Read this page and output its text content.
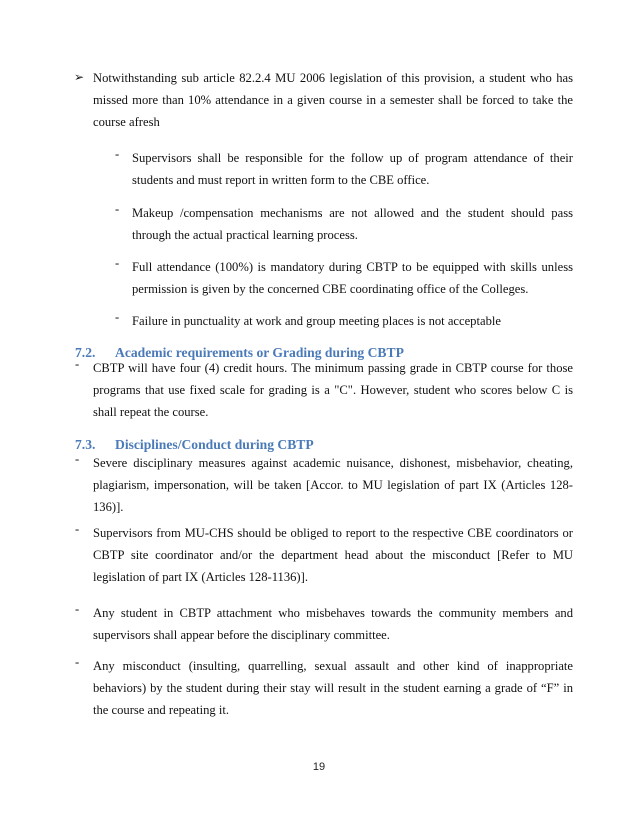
➢ Notwithstanding sub article 82.2.4 MU 2006 legislation of this provision, a student who has missed more than 10% attendance in a given course in a semester shall be forced to take the course afresh
- Supervisors shall be responsible for the follow up of program attendance of their students and must report in written form to the CBE office.
- Makeup /compensation mechanisms are not allowed and the student should pass through the actual practical learning process.
- Full attendance (100%) is mandatory during CBTP to be equipped with skills unless permission is given by the concerned CBE coordinating office of the Colleges.
- Failure in punctuality at work and group meeting places is not acceptable
7.2. Academic requirements or Grading during CBTP
- CBTP will have four (4) credit hours. The minimum passing grade in CBTP course for those programs that use fixed scale for grading is a "C". However, student who scores below C is shall repeat the course.
7.3. Disciplines/Conduct during CBTP
- Severe disciplinary measures against academic nuisance, dishonest, misbehavior, cheating, plagiarism, impersonation, will be taken [Accor. to MU legislation of part IX (Articles 128-136)].
- Supervisors from MU-CHS should be obliged to report to the respective CBE coordinators or CBTP site coordinator and/or the department head about the misconduct [Refer to MU legislation of part IX (Articles 128-1136)].
- Any student in CBTP attachment who misbehaves towards the community members and supervisors shall appear before the disciplinary committee.
- Any misconduct (insulting, quarrelling, sexual assault and other kind of inappropriate behaviors) by the student during their stay will result in the student earning a grade of “F” in the course and repeating it.
19
